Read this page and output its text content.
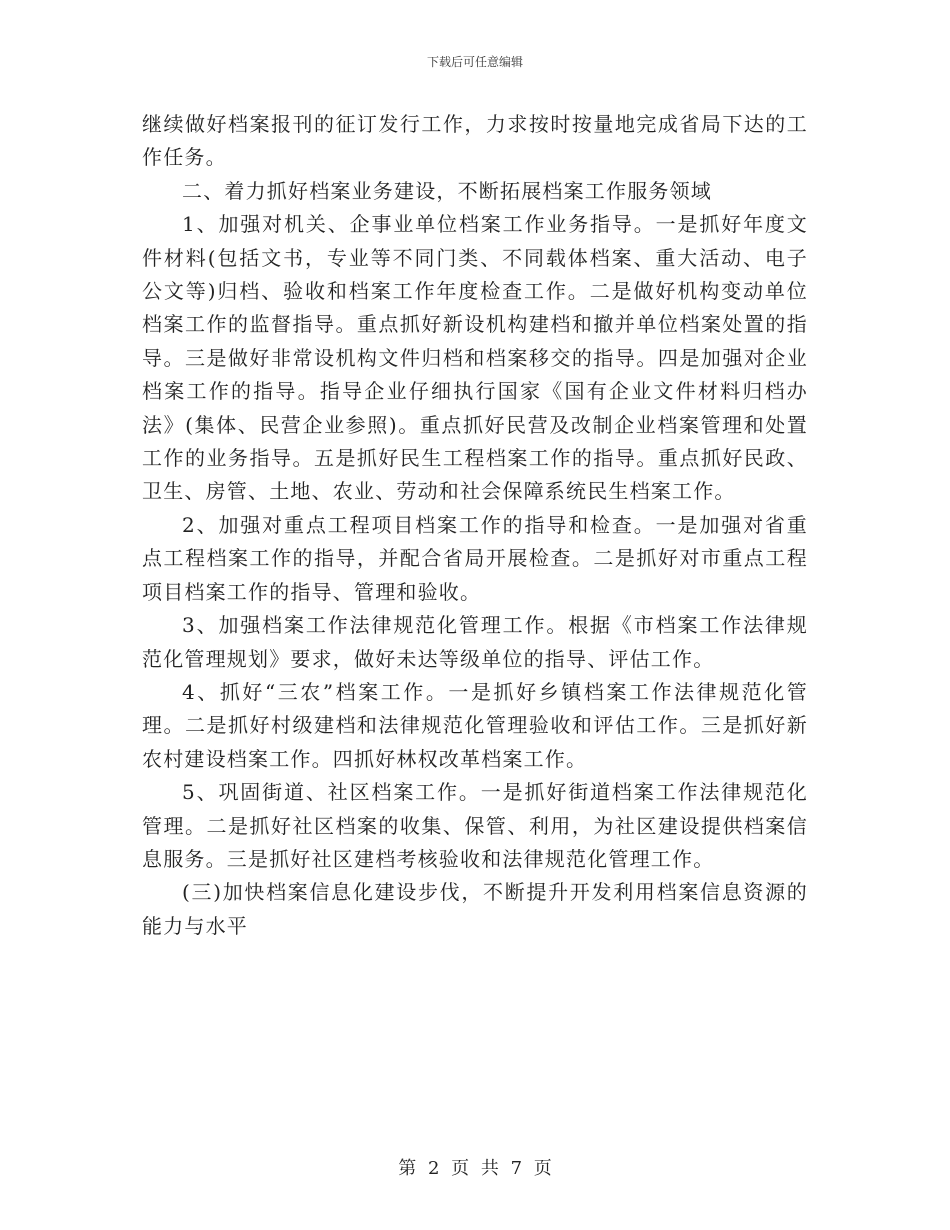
下载后可任意编辑

继续做好档案报刊的征订发行工作，力求按时按量地完成省局下达的工作任务。

二、着力抓好档案业务建设，不断拓展档案工作服务领域

1、加强对机关、企事业单位档案工作业务指导。一是抓好年度文件材料(包括文书，专业等不同门类、不同载体档案、重大活动、电子公文等)归档、验收和档案工作年度检查工作。二是做好机构变动单位档案工作的监督指导。重点抓好新设机构建档和撤并单位档案处置的指导。三是做好非常设机构文件归档和档案移交的指导。四是加强对企业档案工作的指导。指导企业仔细执行国家《国有企业文件材料归档办法》(集体、民营企业参照)。重点抓好民营及改制企业档案管理和处置工作的业务指导。五是抓好民生工程档案工作的指导。重点抓好民政、卫生、房管、土地、农业、劳动和社会保障系统民生档案工作。

2、加强对重点工程项目档案工作的指导和检查。一是加强对省重点工程档案工作的指导，并配合省局开展检查。二是抓好对市重点工程项目档案工作的指导、管理和验收。

3、加强档案工作法律规范化管理工作。根据《市档案工作法律规范化管理规划》要求，做好未达等级单位的指导、评估工作。

4、抓好“三农”档案工作。一是抓好乡镇档案工作法律规范化管理。二是抓好村级建档和法律规范化管理验收和评估工作。三是抓好新农村建设档案工作。四抓好林权改革档案工作。

5、巩固街道、社区档案工作。一是抓好街道档案工作法律规范化管理。二是抓好社区档案的收集、保管、利用，为社区建设提供档案信息服务。三是抓好社区建档考核验收和法律规范化管理工作。

(三)加快档案信息化建设步伐，不断提升开发利用档案信息资源的能力与水平

第 2 页 共 7 页
